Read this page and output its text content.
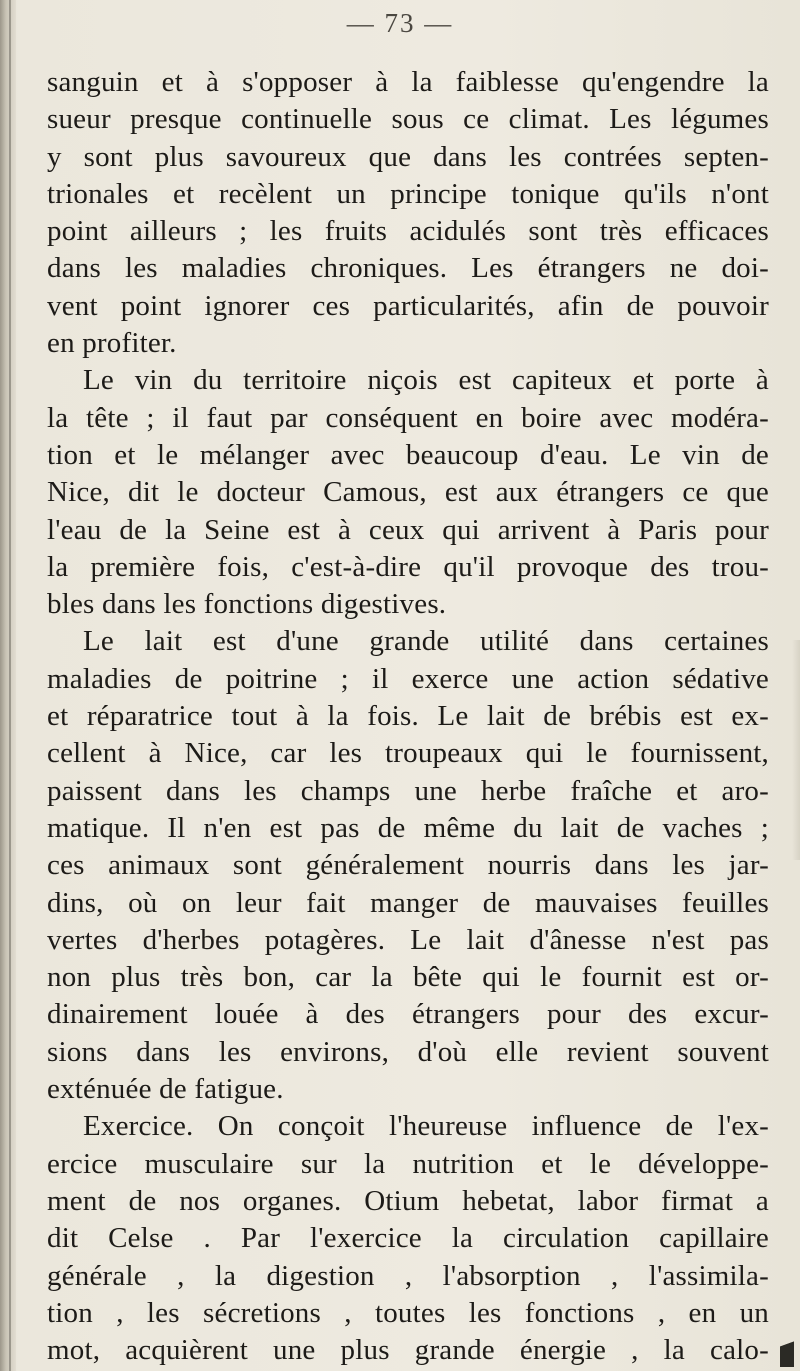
— 73 —
sanguin et à s'opposer à la faiblesse qu'engendre la
sueur presque continuelle sous ce climat. Les légumes
y sont plus savoureux que dans les contrées septen-
trionales et recèlent un principe tonique qu'ils n'ont
point ailleurs ; les fruits acidulés sont très efficaces
dans les maladies chroniques. Les étrangers ne doi-
vent point ignorer ces particularités, afin de pouvoir
en profiter.
Le vin du territoire niçois est capiteux et porte à
la tête ; il faut par conséquent en boire avec modéra-
tion et le mélanger avec beaucoup d'eau. Le vin de
Nice, dit le docteur Camous, est aux étrangers ce que
l'eau de la Seine est à ceux qui arrivent à Paris pour
la première fois, c'est-à-dire qu'il provoque des trou-
bles dans les fonctions digestives.
Le lait est d'une grande utilité dans certaines
maladies de poitrine ; il exerce une action sédative
et réparatrice tout à la fois. Le lait de brébis est ex-
cellent à Nice, car les troupeaux qui le fournissent,
paissent dans les champs une herbe fraîche et aro-
matique. Il n'en est pas de même du lait de vaches ;
ces animaux sont généralement nourris dans les jar-
dins, où on leur fait manger de mauvaises feuilles
vertes d'herbes potagères. Le lait d'ânesse n'est pas
non plus très bon, car la bête qui le fournit est or-
dinairement louée à des étrangers pour des excur-
sions dans les environs, d'où elle revient souvent
exténuée de fatigue.
Exercice. On conçoit l'heureuse influence de l'ex-
ercice musculaire sur la nutrition et le développe-
ment de nos organes. Otium hebetat, labor firmat a
dit Celse . Par l'exercice la circulation capillaire
générale , la digestion , l'absorption , l'assimila-
tion , les sécretions , toutes les fonctions , en un
mot, acquièrent une plus grande énergie , la calo-
